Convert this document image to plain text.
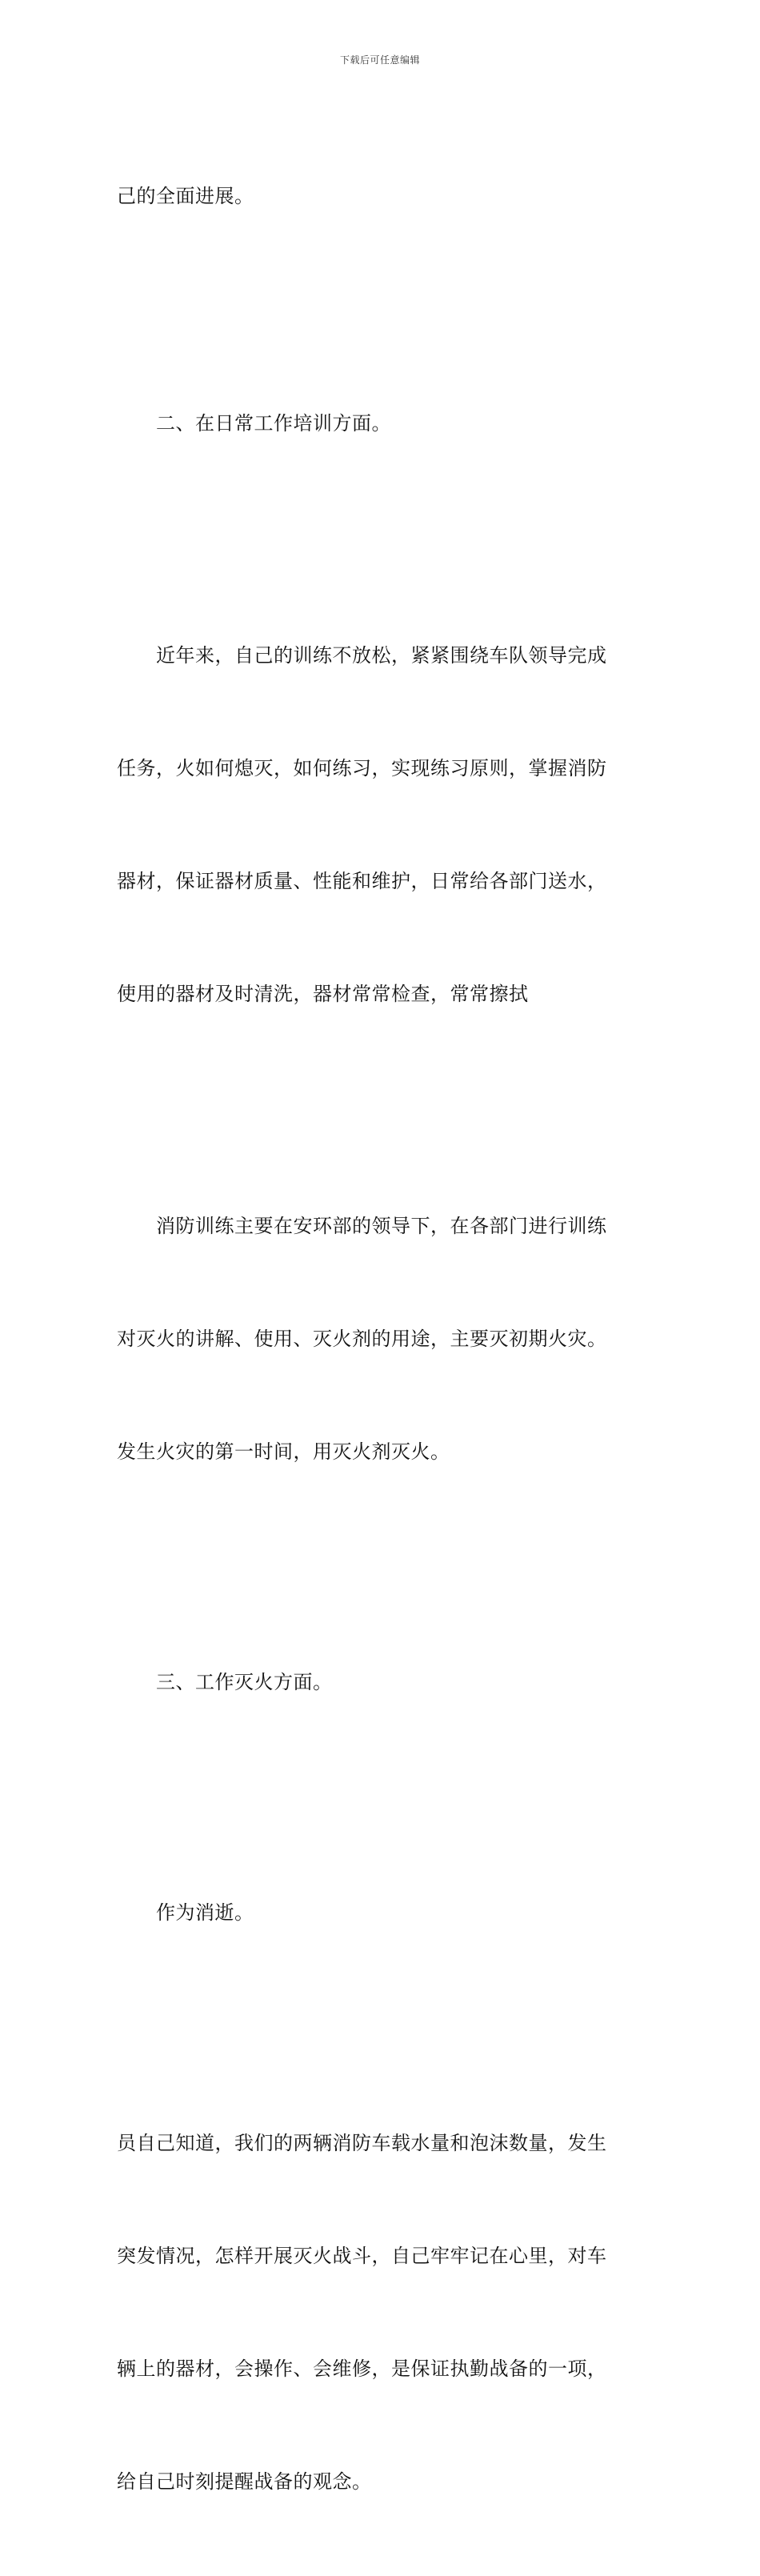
下载后可任意编辑

己的全面进展。

　　二、在日常工作培训方面。

　　近年来，自己的训练不放松，紧紧围绕车队领导完成

任务，火如何熄灭，如何练习，实现练习原则，掌握消防

器材，保证器材质量、性能和维护，日常给各部门送水，

使用的器材及时清洗，器材常常检查，常常擦拭

　　消防训练主要在安环部的领导下，在各部门进行训练

对灭火的讲解、使用、灭火剂的用途，主要灭初期火灾。

发生火灾的第一时间，用灭火剂灭火。

　　三、工作灭火方面。

　　作为消逝。

员自己知道，我们的两辆消防车载水量和泡沫数量，发生

突发情况，怎样开展灭火战斗，自己牢牢记在心里，对车

辆上的器材，会操作、会维修，是保证执勤战备的一项，

给自己时刻提醒战备的观念。
